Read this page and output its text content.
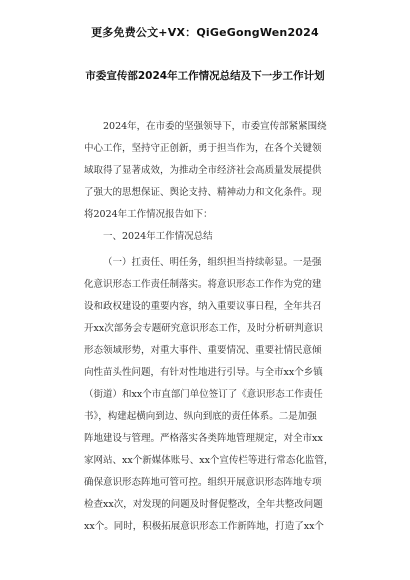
更多免费公文+VX：QiGeGongWen2024
市委宣传部2024年工作情况总结及下一步工作计划
2024年，在市委的坚强领导下，市委宣传部紧紧围绕
中心工作，坚持守正创新，勇于担当作为，在各个关键领
域取得了显著成效，为推动全市经济社会高质量发展提供
了强大的思想保证、舆论支持、精神动力和文化条件。现
将2024年工作情况报告如下：
一、2024年工作情况总结
（一）扛责任、明任务，组织担当持续彰显。一是强
化意识形态工作责任制落实。将意识形态工作作为党的建
设和政权建设的重要内容，纳入重要议事日程，全年共召
开xx次部务会专题研究意识形态工作，及时分析研判意识
形态领域形势，对重大事件、重要情况、重要社情民意倾
向性苗头性问题，有针对性地进行引导。与全市xx个乡镇
（街道）和xx个市直部门单位签订了《意识形态工作责任
书》，构建起横向到边、纵向到底的责任体系。二是加强
阵地建设与管理。严格落实各类阵地管理规定，对全市xx
家网站、xx个新媒体账号、xx个宣传栏等进行常态化监管，
确保意识形态阵地可管可控。组织开展意识形态阵地专项
检查xx次，对发现的问题及时督促整改，全年共整改问题
xx个。同时，积极拓展意识形态工作新阵地，打造了xx个
